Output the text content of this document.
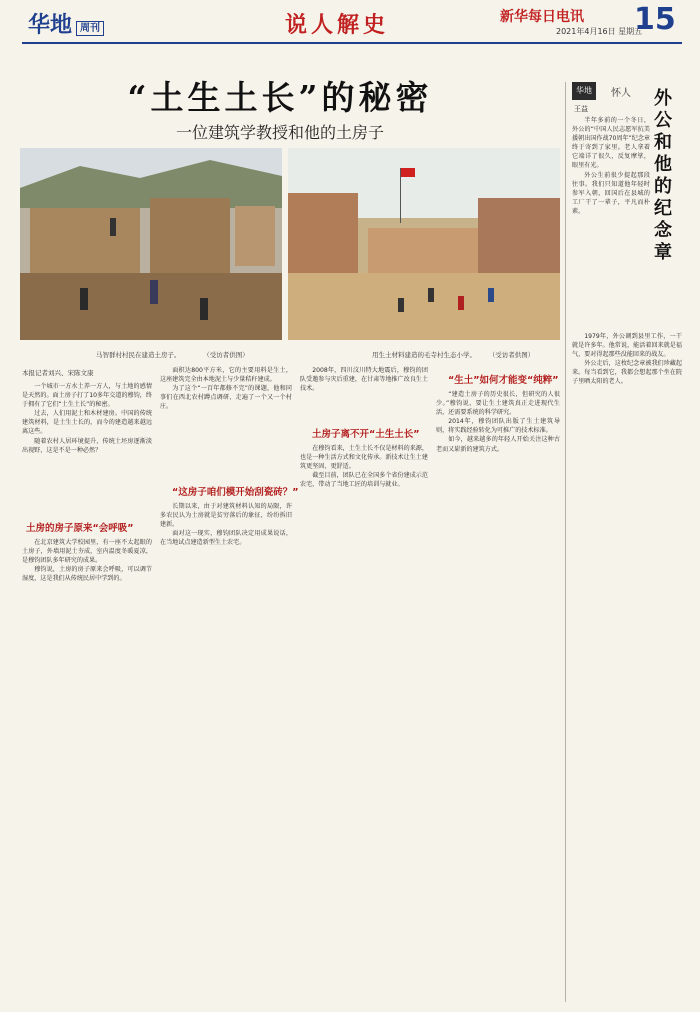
华地 周刊	说人解史	新华每日电讯
2021年4月16日 星期五
15
“土生土长”的秘密
一位建筑学教授和他的土房子
马智群村村民在建造土房子。	（受访者供图）	用生土材料建造的毛寺村生态小学。 （受访者供图）
本报记者刘兴、宋陈文康

一个城市一方水土养一方人，与土地的感情是天然的。面土房子打了10多年交道的穆钧，终于拥有了它们“土生土长”的秘密。

过去，人们用泥土和木材建房。中国的传统建筑材料，是土生土长的，而今的建造越来越远离这些。

随着农村人居环境提升，传统土坯房逐渐淡出视野，这是不是一种必然？

土房的房子原来“会呼吸”

在北京建筑大学校园里，有一座不太起眼的土房子，外墙用泥土夯成，室内温度冬暖夏凉，是穆钧团队多年研究的成果。

穆钧说，土房的房子原来会呼吸，可以调节湿度，这是我们从传统民居中学到的。

面积达800平方米，它的主要用料是生土，这座建筑完全由本地泥土与少量秸秆建成。

为了这个“一百年都修不完”的课题，他和同事们在西北农村蹲点调研，走遍了一个又一个村庄。

“这房子咱们模开始刮瓷砖？”

长期以来，由于对建筑材料认知的局限，许多农民认为土房就是贫穷落后的象征，纷纷拆旧建新。

面对这一现实，穆钧团队决定用成果说话，在当地试点建造新型生土农宅。

2008年，四川汶川特大地震后，穆钧的团队受邀参与灾后重建，在甘肃等地推广改良生土技术。

土房子离不开“土生土长”

在穆钧看来，土生土长不仅是材料的来源，也是一种生活方式和文化传承。新技术让生土建筑更坚固、更舒适。

截至目前，团队已在全国多个省份建成示范农宅，带动了当地工匠的培训与就业。

“生土”如何才能变“纯粹”

“建造土房子的历史很长，但研究的人很少。”穆钧说，要让生土建筑真正走进现代生活，还需要系统的科学研究。

2014年，穆钧团队出版了生土建筑导则，将实践经验转化为可推广的技术标准。

如今，越来越多的年轻人开始关注这种古老而又崭新的建筑方式。

华地	怀人
王益	外公和他的纪念章

半年多前的一个冬日，外公的“中国人民志愿军抗美援朝出国作战70周年”纪念章终于寄到了家里。老人拿着它端详了很久，反复摩挲，眼里有光。

外公生前很少提起那段往事。我们只知道他年轻时参军入朝，回国后在县城的工厂干了一辈子，平凡而朴素。

1979年，外公调到县里工作，一干就是许多年。他常说，能活着回来就是福气，要对得起那些没能回来的战友。

外公走后，这枚纪念章被我们珍藏起来。每当看到它，我都会想起那个坐在院子里晒太阳的老人。
